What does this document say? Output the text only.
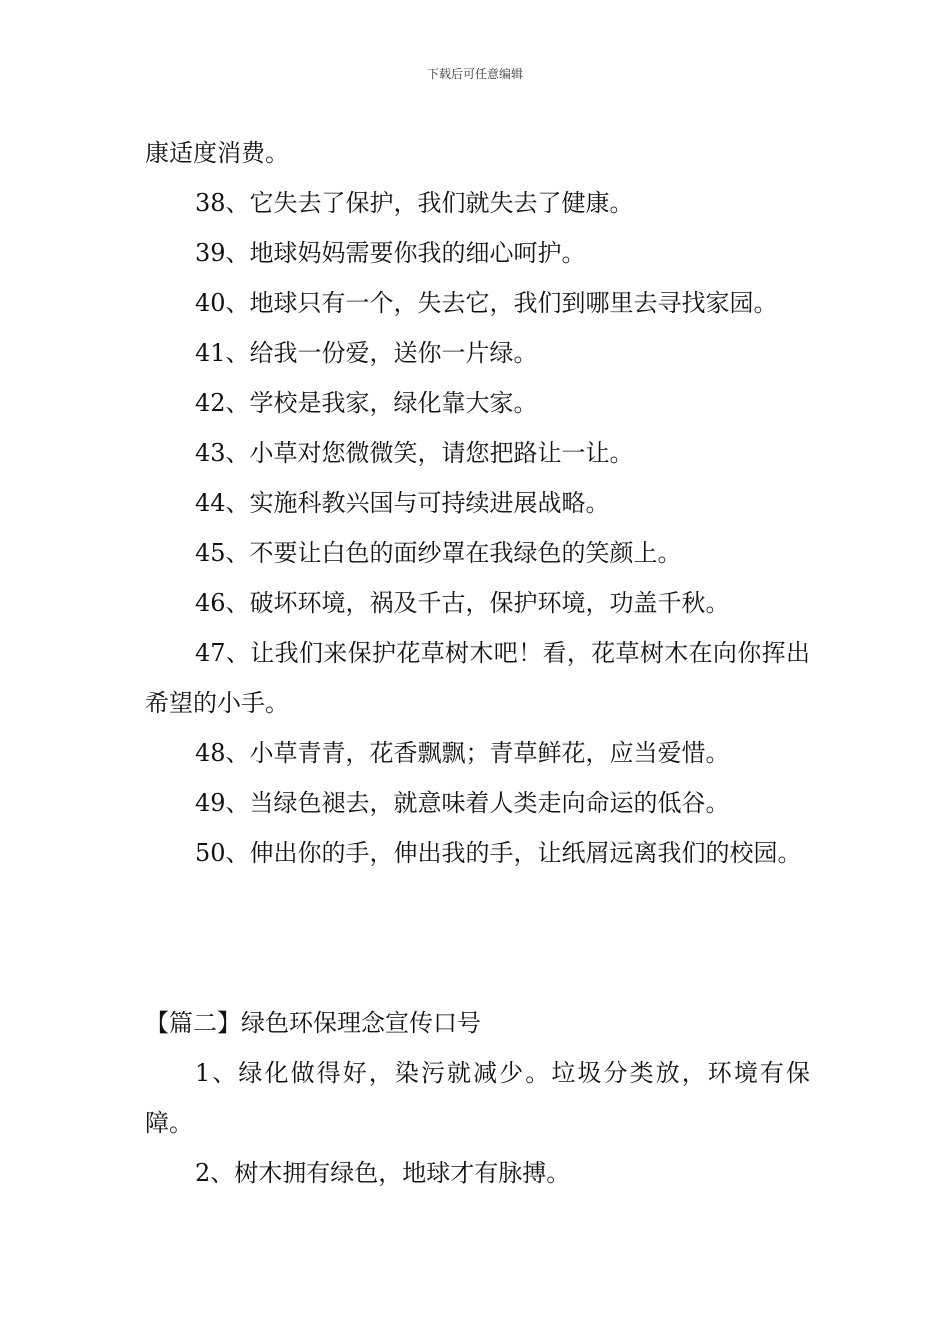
下载后可任意编辑

康适度消费。

38、它失去了保护，我们就失去了健康。

39、地球妈妈需要你我的细心呵护。

40、地球只有一个，失去它，我们到哪里去寻找家园。

41、给我一份爱，送你一片绿。

42、学校是我家，绿化靠大家。

43、小草对您微微笑，请您把路让一让。

44、实施科教兴国与可持续进展战略。

45、不要让白色的面纱罩在我绿色的笑颜上。

46、破坏环境，祸及千古，保护环境，功盖千秋。

47、让我们来保护花草树木吧！看，花草树木在向你挥出希望的小手。

48、小草青青，花香飘飘；青草鲜花，应当爱惜。

49、当绿色褪去，就意味着人类走向命运的低谷。

50、伸出你的手，伸出我的手，让纸屑远离我们的校园。

【篇二】绿色环保理念宣传口号

1、绿化做得好，染污就减少。垃圾分类放，环境有保障。

2、树木拥有绿色，地球才有脉搏。
